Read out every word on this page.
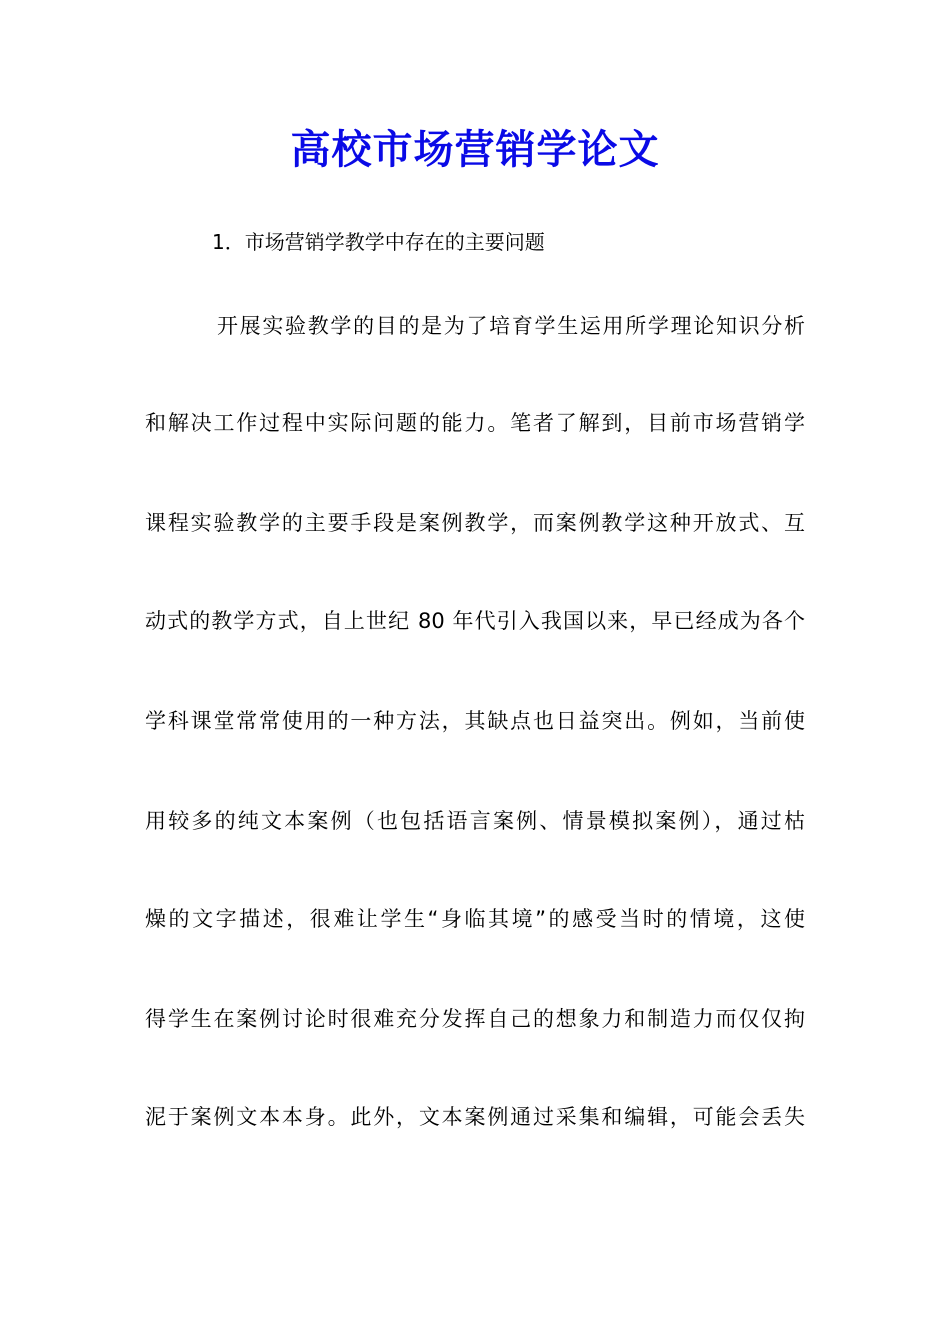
高校市场营销学论文
1．市场营销学教学中存在的主要问题
开展实验教学的目的是为了培育学生运用所学理论知识分析
和解决工作过程中实际问题的能力。笔者了解到，目前市场营销学
课程实验教学的主要手段是案例教学，而案例教学这种开放式、互
动式的教学方式，自上世纪 80 年代引入我国以来，早已经成为各个
学科课堂常常使用的一种方法，其缺点也日益突出。例如，当前使
用较多的纯文本案例（也包括语言案例、情景模拟案例），通过枯
燥的文字描述，很难让学生“身临其境”的感受当时的情境，这使
得学生在案例讨论时很难充分发挥自己的想象力和制造力而仅仅拘
泥于案例文本本身。此外，文本案例通过采集和编辑，可能会丢失
